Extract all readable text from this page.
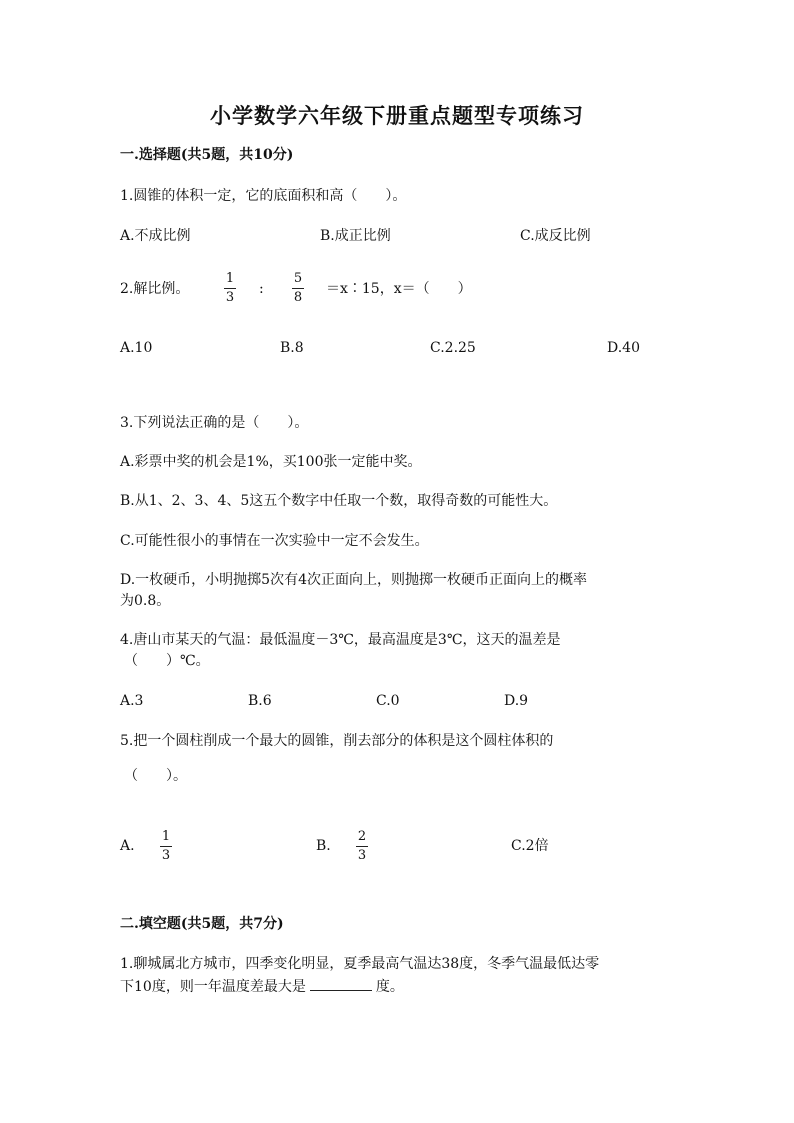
小学数学六年级下册重点题型专项练习
一.选择题(共5题，共10分)
1.圆锥的体积一定，它的底面积和高（　　）。
A.不成比例	B.成正比例	C.成反比例
2.解比例。
1
3
:
5
8
＝x∶15，x＝（　　）
A.10	B.8	C.2.25	D.40
3.下列说法正确的是（　　）。
A.彩票中奖的机会是1%，买100张一定能中奖。
B.从1、2、3、4、5这五个数字中任取一个数，取得奇数的可能性大。
C.可能性很小的事情在一次实验中一定不会发生。
D.一枚硬币，小明抛掷5次有4次正面向上，则抛掷一枚硬币正面向上的概率
为0.8。
4.唐山市某天的气温：最低温度－3℃，最高温度是3℃，这天的温差是
（　　）℃。
A.3	B.6	C.0	D.9
5.把一个圆柱削成一个最大的圆锥，削去部分的体积是这个圆柱体积的
（　　）。
A.
1
3
B.
2
3
C.2倍
二.填空题(共5题，共7分)
1.聊城属北方城市，四季变化明显，夏季最高气温达38度，冬季气温最低达零
下10度，则一年温度差最大是	度。
